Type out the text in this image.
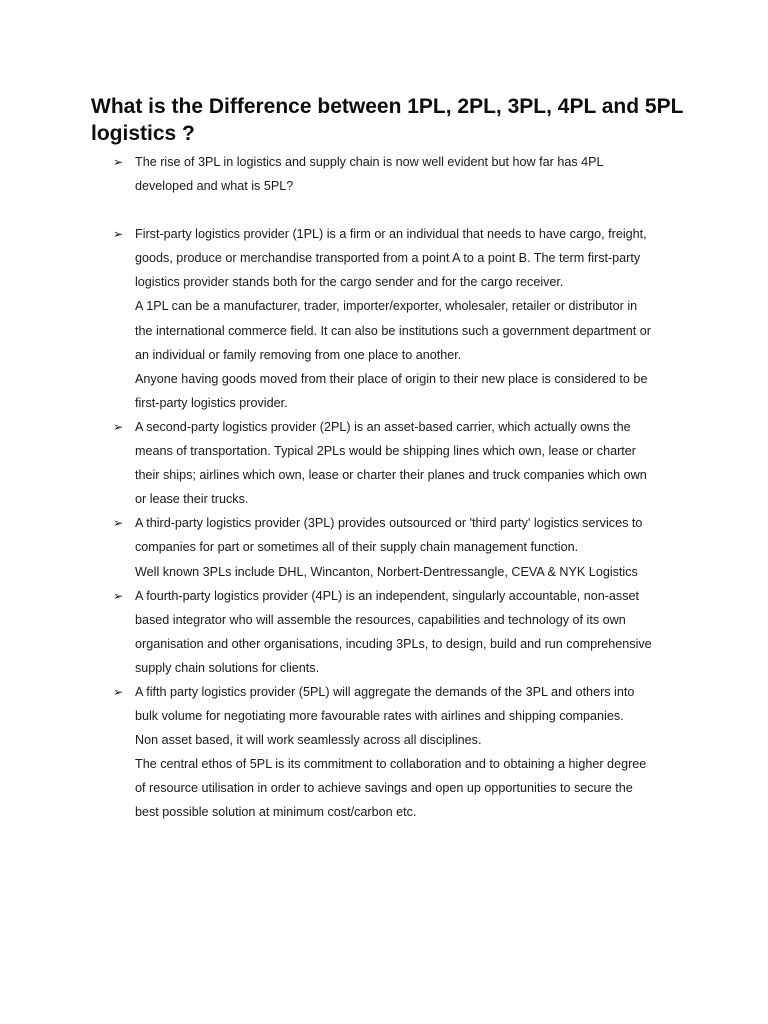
What is the Difference between 1PL, 2PL, 3PL, 4PL and 5PL logistics ?
➢ The rise of 3PL in logistics and supply chain is now well evident but how far has 4PL
developed and what is 5PL?
➢ First-party logistics provider (1PL) is a firm or an individual that needs to have cargo, freight,
goods, produce or merchandise transported from a point A to a point B. The term first-party
logistics provider stands both for the cargo sender and for the cargo receiver.
A 1PL can be a manufacturer, trader, importer/exporter, wholesaler, retailer or distributor in
the international commerce field. It can also be institutions such a government department or
an individual or family removing from one place to another.
Anyone having goods moved from their place of origin to their new place is considered to be
first-party logistics provider.
➢ A second-party logistics provider (2PL) is an asset-based carrier, which actually owns the
means of transportation. Typical 2PLs would be shipping lines which own, lease or charter
their ships; airlines which own, lease or charter their planes and truck companies which own
or lease their trucks.
➢ A third-party logistics provider (3PL) provides outsourced or 'third party' logistics services to
companies for part or sometimes all of their supply chain management function.
Well known 3PLs include DHL, Wincanton, Norbert-Dentressangle, CEVA & NYK Logistics
➢ A fourth-party logistics provider (4PL) is an independent, singularly accountable, non-asset
based integrator who will assemble the resources, capabilities and technology of its own
organisation and other organisations, incuding 3PLs, to design, build and run comprehensive
supply chain solutions for clients.
➢ A fifth party logistics provider (5PL) will aggregate the demands of the 3PL and others into
bulk volume for negotiating more favourable rates with airlines and shipping companies.
Non asset based, it will work seamlessly across all disciplines.
The central ethos of 5PL is its commitment to collaboration and to obtaining a higher degree
of resource utilisation in order to achieve savings and open up opportunities to secure the
best possible solution at minimum cost/carbon etc.
